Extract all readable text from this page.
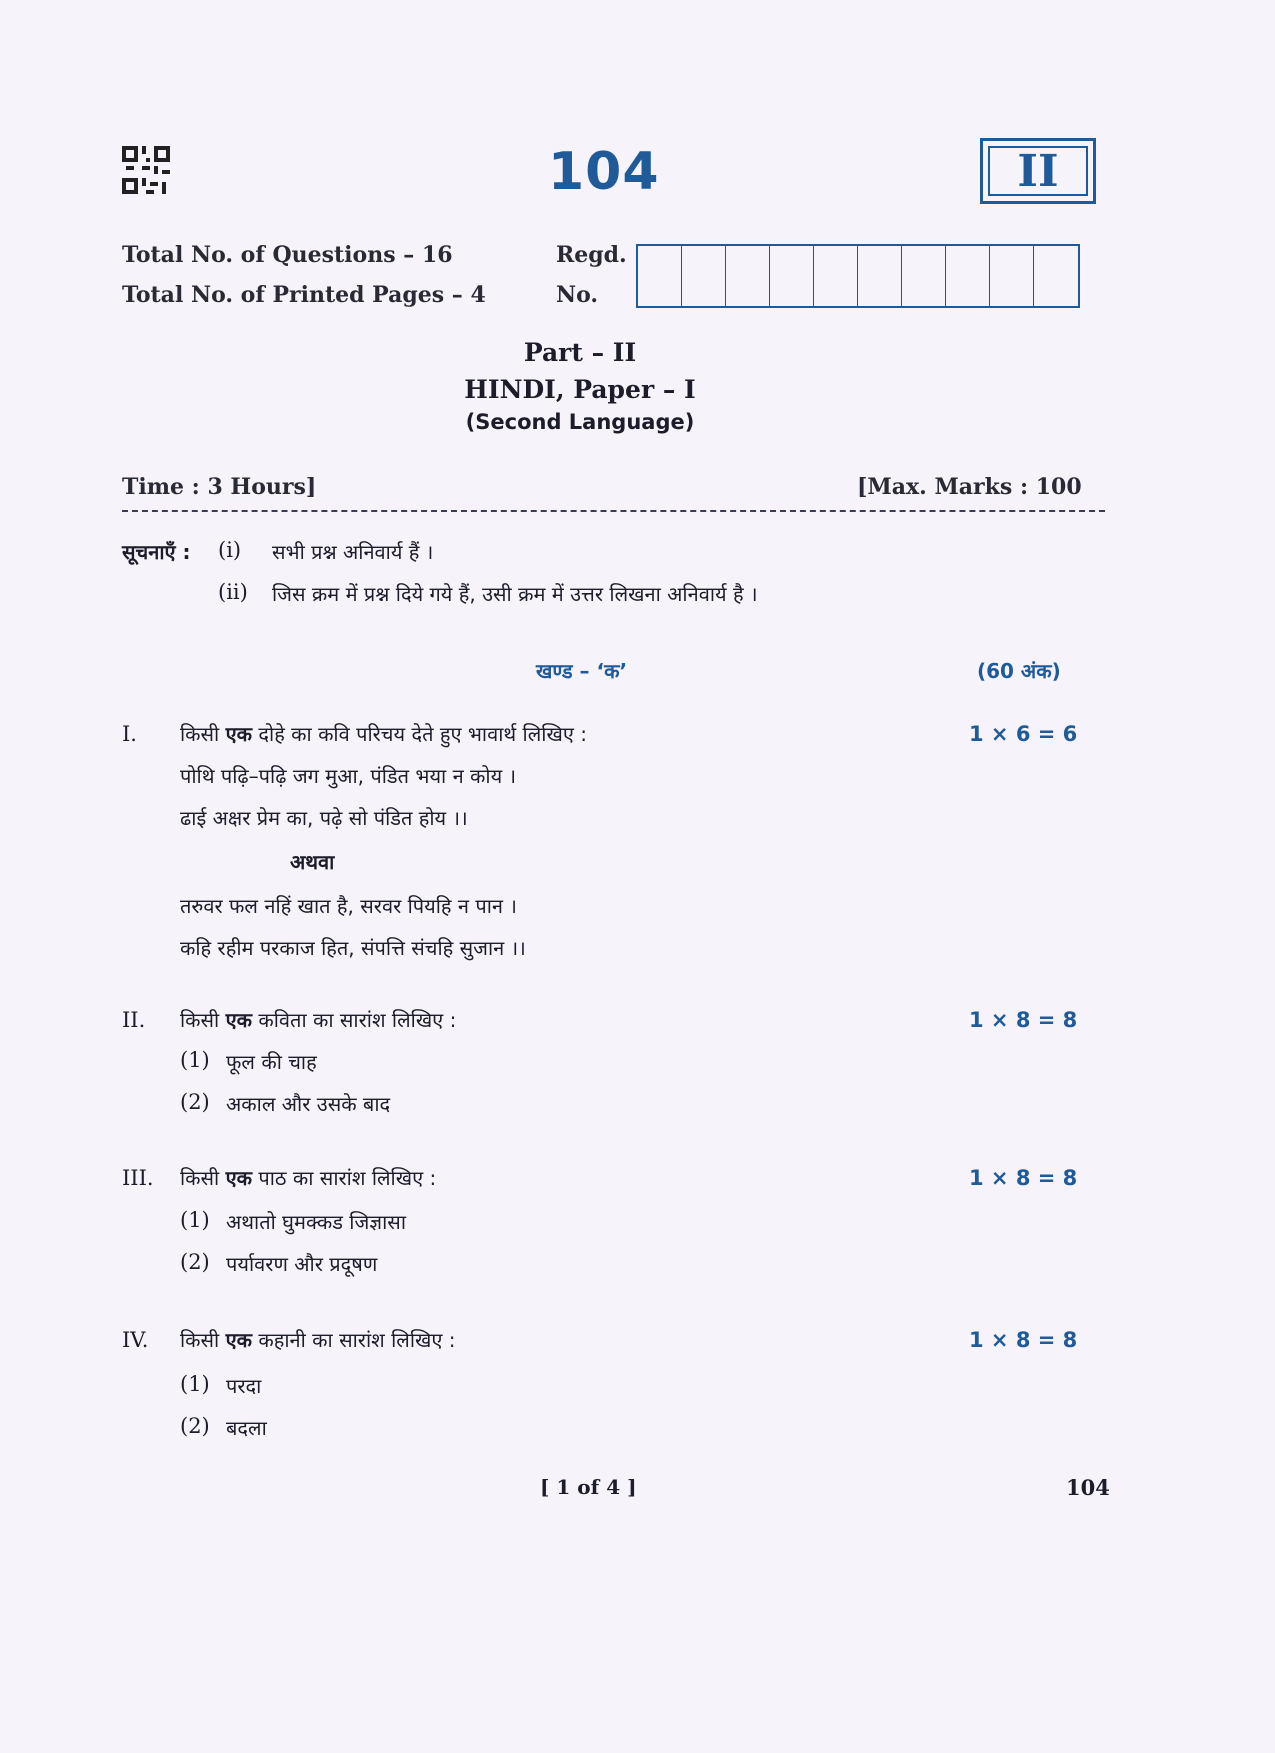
104	II
Total No. of Questions – 16
Total No. of Printed Pages – 4
Regd.
No.
Part – II
HINDI, Paper – I
(Second Language)
Time : 3 Hours]	[Max. Marks : 100
सूचनाएँ : (i) सभी प्रश्न अनिवार्य हैं ।
(ii) जिस क्रम में प्रश्न दिये गये हैं, उसी क्रम में उत्तर लिखना अनिवार्य है ।
खण्ड – ‘क’	(60 अंक)
I. किसी एक दोहे का कवि परिचय देते हुए भावार्थ लिखिए :	1 × 6 = 6
पोथि पढ़ि–पढ़ि जग मुआ, पंडित भया न कोय ।
ढाई अक्षर प्रेम का, पढ़े सो पंडित होय ।।
अथवा
तरुवर फल नहिं खात है, सरवर पियहि न पान ।
कहि रहीम परकाज हित, संपत्ति संचहि सुजान ।।
II. किसी एक कविता का सारांश लिखिए :	1 × 8 = 8
(1) फूल की चाह
(2) अकाल और उसके बाद
III. किसी एक पाठ का सारांश लिखिए :	1 × 8 = 8
(1) अथातो घुमक्कड जिज्ञासा
(2) पर्यावरण और प्रदूषण
IV. किसी एक कहानी का सारांश लिखिए :	1 × 8 = 8
(1) परदा
(2) बदला
[ 1 of 4 ]	104
